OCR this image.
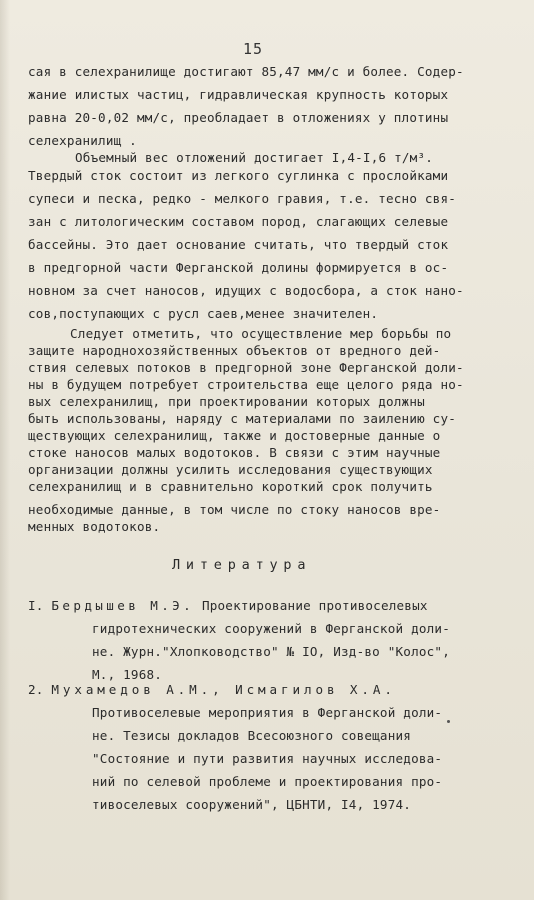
15
сая в селехранилище достигают 85,47 мм/с и более. Содер-
жание илистых частиц, гидравлическая крупность которых
равна 20-0,02 мм/с, преобладает в отложениях у плотины
селехранилищ .
Объемный вес отложений достигает I,4-I,6 т/м³.
Твердый сток состоит из легкого суглинка с прослойками
супеси и песка, редко - мелкого гравия, т.е. тесно свя-
зан с литологическим составом пород, слагающих селевые
бассейны. Это дает основание считать, что твердый сток
в предгорной части Ферганской долины формируется в ос-
новном за счет наносов, идущих с водосбора, а сток нано-
сов,поступающих с русл саев,менее значителен.
Следует отметить, что осуществление мер борьбы по
защите народнохозяйственных объектов от вредного дей-
ствия селевых потоков в предгорной зоне Ферганской доли-
ны в будущем потребует строительства еще целого ряда но-
вых селехранилищ, при проектировании которых должны
быть использованы, наряду с материалами по заилению су-
ществующих селехранилищ, также и достоверные данные о
стоке наносов малых водотоков. В связи с этим научные
организации должны усилить исследования существующих
селехранилищ и в сравнительно короткий срок получить
Литература
I. Бердышев М.Э. Проектирование противоселевых
гидротехнических сооружений в Ферганской доли-
не. Журн."Хлопководство" № IO, Изд-во "Колос",
М., 1968.
2. Мухамедов А.М., Исмагилов Х.А.
Противоселевые мероприятия в Ферганской доли-
не. Тезисы докладов Всесоюзного совещания
"Состояние и пути развития научных исследова-
ний по селевой проблеме и проектирования про-
тивоселевых сооружений", ЦБНТИ, I4, 1974.
необходимые данные, в том числе по стоку наносов вре-
менных водотоков.
